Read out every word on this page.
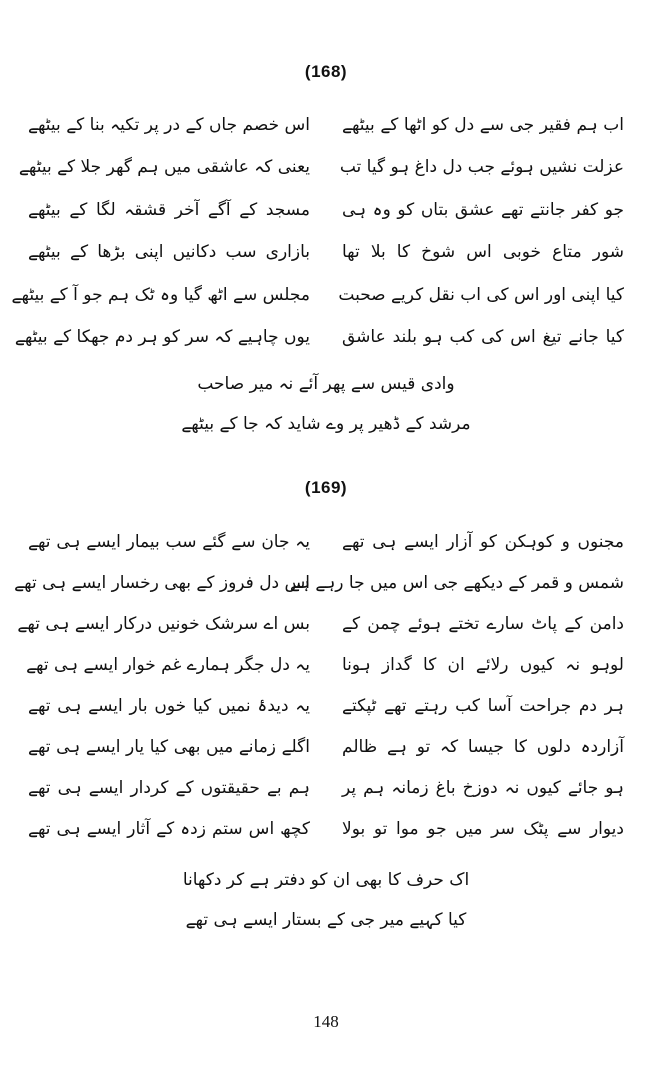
(168)
اس خصم جاں کے در پر تکیہ بنا کے بیٹھے اب ہم فقیر جی سے دل کو اٹھا کے بیٹھے
یعنی کہ عاشقی میں ہم گھر جلا کے بیٹھے عزلت نشیں ہوئے جب دل داغ ہو گیا تب
مسجد کے آگے آخر قشقہ لگا کے بیٹھے جو کفر جانتے تھے عشق بتاں کو وہ ہی
بازاری سب دکانیں اپنی بڑھا کے بیٹھے شور متاع خوبی اس شوخ کا بلا تھا
مجلس سے اٹھ گیا وہ ٹک ہم جو آ کے بیٹھے کیا اپنی اور اس کی اب نقل کریے صحبت
یوں چاہیے کہ سر کو ہر دم جھکا کے بیٹھے کیا جانے تیغ اس کی کب ہو بلند عاشق
وادی قیس سے پھر آئے نہ میر صاحب
مرشد کے ڈھیر پر وے شاید کہ جا کے بیٹھے
(169)
یہ جان سے گئے سب بیمار ایسے ہی تھے مجنوں و کوہکن کو آزار ایسے ہی تھے
اس دل فروز کے بھی رخسار ایسے ہی تھے
شمس و قمر کے دیکھے جی اس میں جا رہے ہے
بس اے سرشک خونیں درکار ایسے ہی تھے دامن کے پاٹ سارے تختے ہوئے چمن کے
یہ دل جگر ہمارے غم خوار ایسے ہی تھے لوہو نہ کیوں رلائے ان کا گداز ہونا
یہ دیدۂ نمیں کیا خوں بار ایسے ہی تھے ہر دم جراحت آسا کب رہتے تھے ٹپکتے
اگلے زمانے میں بھی کیا یار ایسے ہی تھے آزاردہ دلوں کا جیسا کہ تو ہے ظالم
ہم بے حقیقتوں کے کردار ایسے ہی تھے ہو جائے کیوں نہ دوزخ باغ زمانہ ہم پر
کچھ اس ستم زدہ کے آثار ایسے ہی تھے دیوار سے پٹک سر میں جو موا تو بولا
اک حرف کا بھی ان کو دفتر ہے کر دکھانا
کیا کہیے میر جی کے بستار ایسے ہی تھے
148
